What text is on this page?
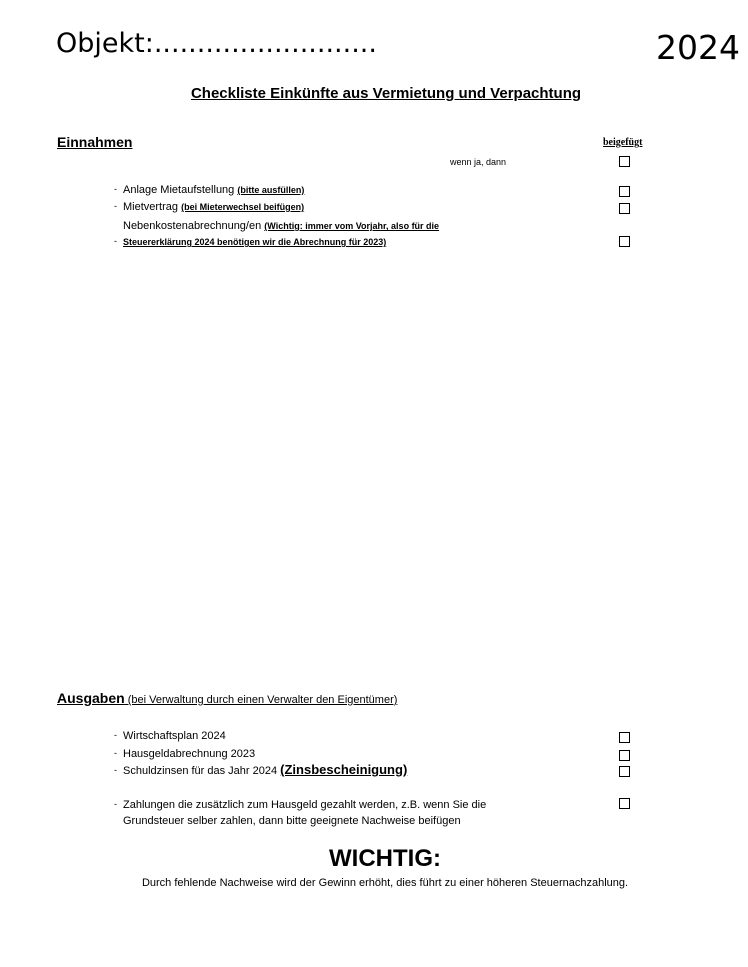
Objekt:..........................	2024
Checkliste Einkünfte aus Vermietung und Verpachtung
Einnahmen	beigefügt
wenn ja, dann
- Anlage Mietaufstellung (bitte ausfüllen)
- Mietvertrag (bei Mieterwechsel beifügen)
Nebenkostenabrechnung/en (Wichtig: immer vom Vorjahr, also für die
- Steuererklärung 2024 benötigen wir die Abrechnung für 2023)
Ausgaben (bei Verwaltung durch einen Verwalter den Eigentümer)
- Wirtschaftsplan 2024
- Hausgeldabrechnung 2023
- Schuldzinsen für das Jahr 2024 (Zinsbescheinigung)
- Zahlungen die zusätzlich zum Hausgeld gezahlt werden, z.B. wenn Sie die
Grundsteuer selber zahlen, dann bitte geeignete Nachweise beifügen
WICHTIG:
Durch fehlende Nachweise wird der Gewinn erhöht, dies führt zu einer höheren Steuernachzahlung.
